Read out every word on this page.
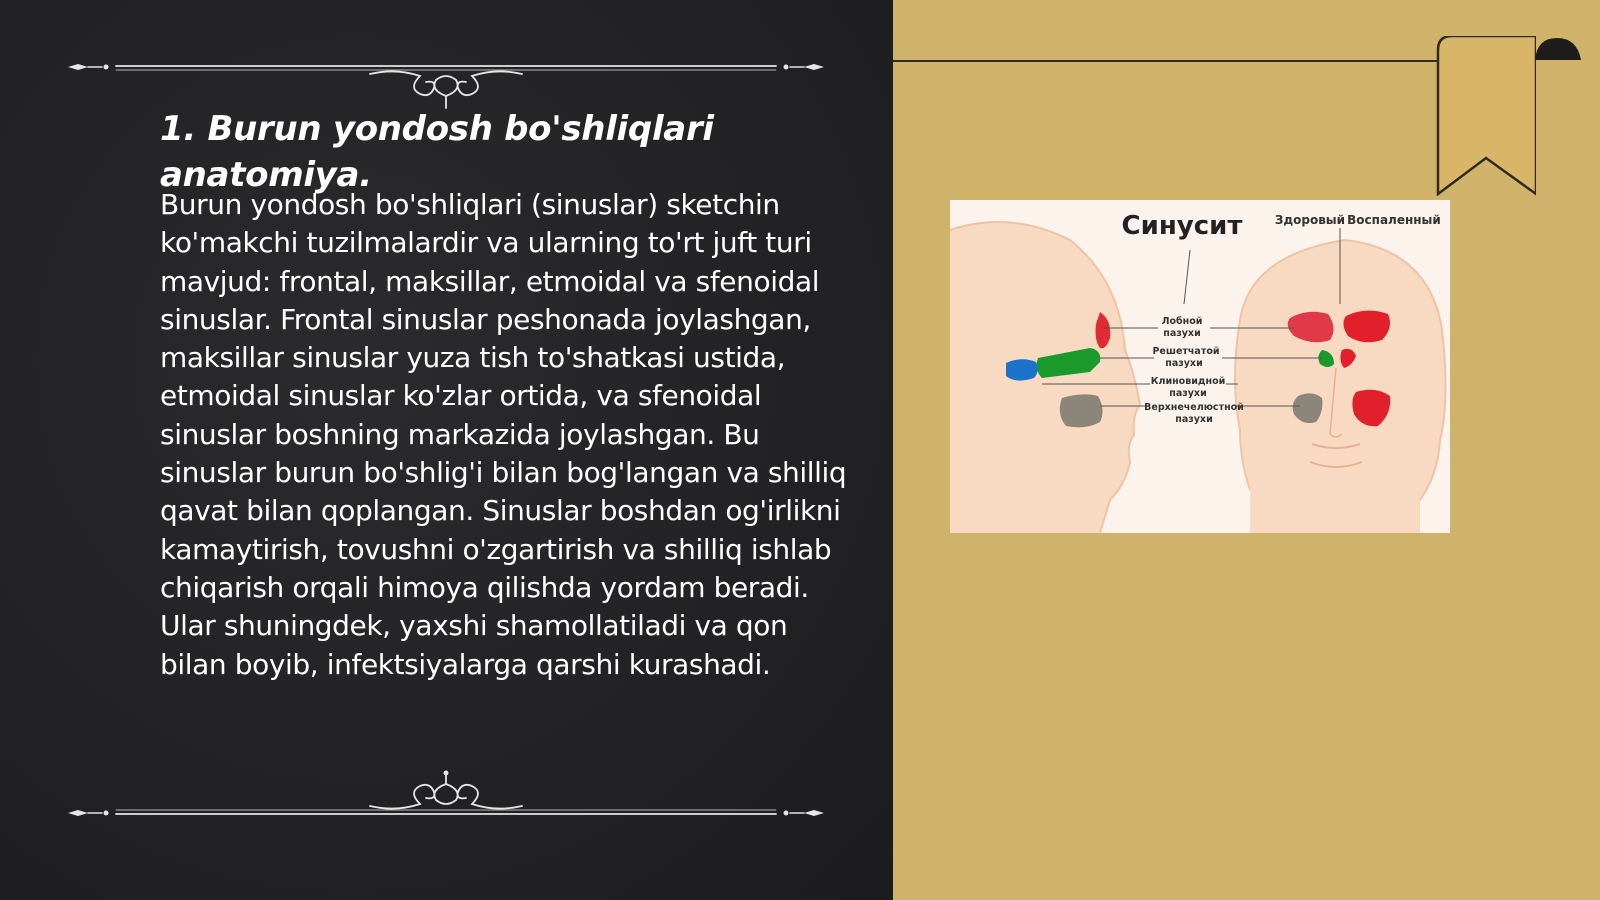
1. Burun yondosh bo'shliqlari anatomiya.

Burun yondosh bo'shliqlari (sinuslar) sketchin ko'makchi tuzilmalardir va ularning to'rt juft turi mavjud: frontal, maksillar, etmoidal va sfenoidal sinuslar. Frontal sinuslar peshonada joylashgan, maksillar sinuslar yuza tish to'shatkasi ustida, etmoidal sinuslar ko'zlar ortida, va sfenoidal sinuslar boshning markazida joylashgan. Bu sinuslar burun bo'shlig'i bilan bog'langan va shilliq qavat bilan qoplangan. Sinuslar boshdan og'irlikni kamaytirish, tovushni o'zgartirish va shilliq ishlab chiqarish orqali himoya qilishda yordam beradi. Ular shuningdek, yaxshi shamollatiladi va qon bilan boyib, infektsiyalarga qarshi kurashadi.

Синусит	Здоровый Воспаленный
Лобной
пазухи
Решетчатой
пазухи
Клиновидной
пазухи
Верхнечелюстной
пазухи
